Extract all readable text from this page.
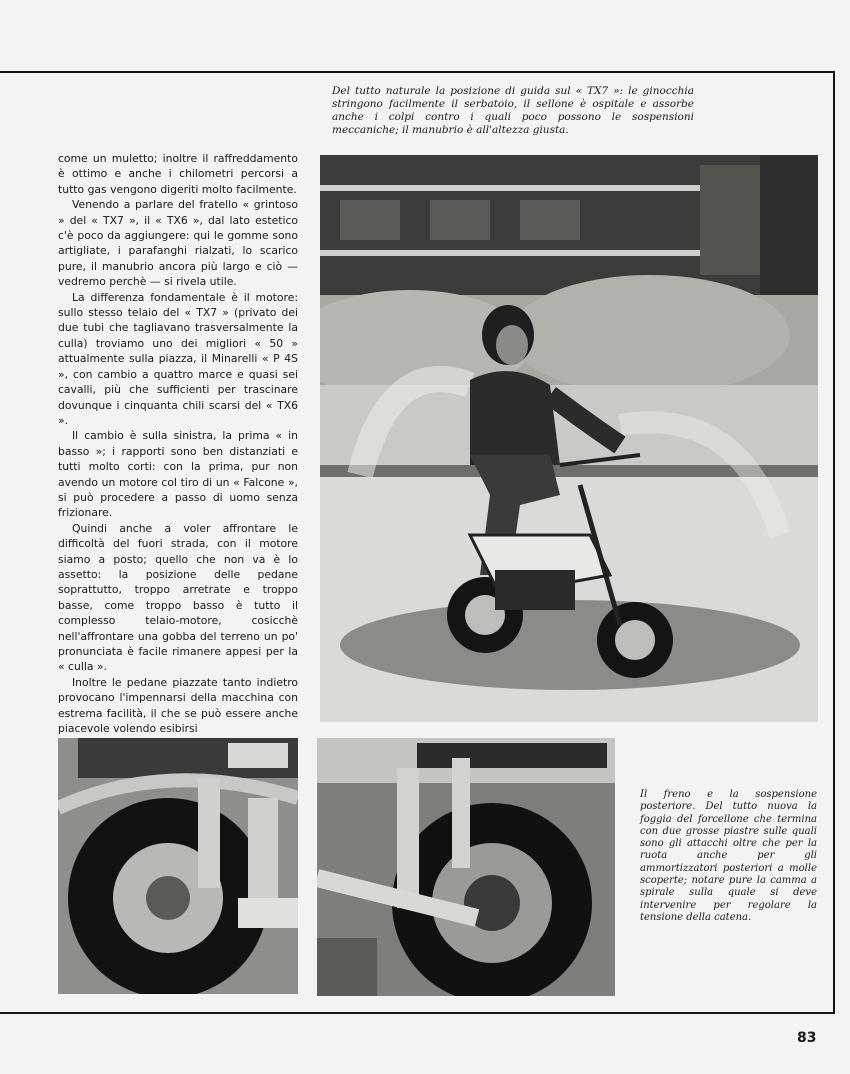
Del tutto naturale la posizione di guida sul « TX7 »: le ginocchia stringono facilmente il serbatoio, il sellone è ospitale e assorbe anche i colpi contro i quali poco possono le sospensioni meccaniche; il manubrio è all'altezza giusta.

come un muletto; inoltre il raffreddamento è ottimo e anche i chilometri percorsi a tutto gas vengono digeriti molto facilmente.

Venendo a parlare del fratello « grintoso » del « TX7 », il « TX6 », dal lato estetico c'è poco da aggiungere: qui le gomme sono artigliate, i parafanghi rialzati, lo scarico pure, il manubrio ancora più largo e ciò — vedremo perchè — si rivela utile.

La differenza fondamentale è il motore: sullo stesso telaio del « TX7 » (privato dei due tubi che tagliavano trasversalmente la culla) troviamo uno dei migliori « 50 » attualmente sulla piazza, il Minarelli « P 4S », con cambio a quattro marce e quasi sei cavalli, più che sufficienti per trascinare dovunque i cinquanta chili scarsi del « TX6 ».

Il cambio è sulla sinistra, la prima « in basso »; i rapporti sono ben distanziati e tutti molto corti: con la prima, pur non avendo un motore col tiro di un « Falcone », si può procedere a passo di uomo senza frizionare.

Quindi anche a voler affrontare le difficoltà del fuori strada, con il motore siamo a posto; quello che non va è lo assetto: la posizione delle pedane soprattutto, troppo arretrate e troppo basse, come troppo basso è tutto il complesso telaio-motore, cosicchè nell'affrontare una gobba del terreno un po' pronunciata è facile rimanere appesi per la « culla ».

Inoltre le pedane piazzate tanto indietro provocano l'impennarsi della macchina con estrema facilità, il che se può essere anche piacevole volendo esibirsi

Il freno e la sospensione posteriore. Del tutto nuova la foggia del forcellone che termina con due grosse piastre sulle quali sono gli attacchi oltre che per la ruota anche per gli ammortizzatori posteriori a molle scoperte; notare pure la camma a spirale sulla quale si deve intervenire per regolare la tensione della catena.

83
